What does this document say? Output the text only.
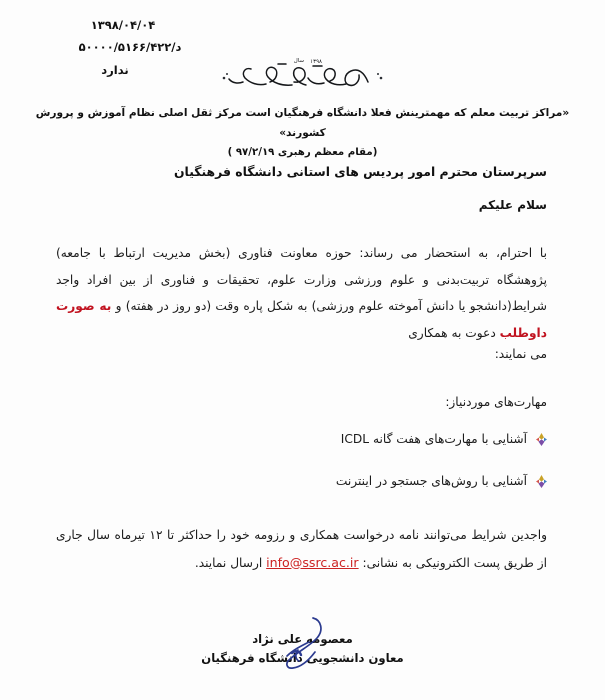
۱۳۹۸/۰۴/۰۴
د/۵۰۰۰۰/۵۱۶۶/۴۲۲
ندارد
۱۳۹۸
سال
«مراکز تربیت معلم که مهمترینش فعلا دانشگاه فرهنگیان است مرکز ثقل اصلی نظام آموزش و پرورش کشورند»
(مقام معظم رهبری ۹۷/۲/۱۹ )
سرپرستان محترم امور پردیس های استانی دانشگاه فرهنگیان
سلام علیکم
با احترام، به استحضار می رساند: حوزه معاونت فناوری (بخش مدیریت ارتباط با جامعه) پژوهشگاه تربیت‌بدنی و علوم ورزشی وزارت علوم، تحقیقات و فناوری از بین افراد واجد شرایط(دانشجو یا دانش آموخته علوم ورزشی) به شکل پاره وقت (دو روز در هفته) و به صورت داوطلب دعوت به همکاری
می نمایند:
مهارت‌های موردنیاز:
آشنایی با مهارت‌های هفت گانه ICDL
آشنایی با روش‌های جستجو در اینترنت
واجدین شرایط می‌توانند نامه درخواست همکاری و رزومه خود را حداکثر تا ۱۲ تیرماه سال جاری از طریق پست الکترونیکی به نشانی: info@ssrc.ac.ir ارسال نمایند.
معصومه علی نژاد
معاون دانشجویی دانشگاه فرهنگیان
